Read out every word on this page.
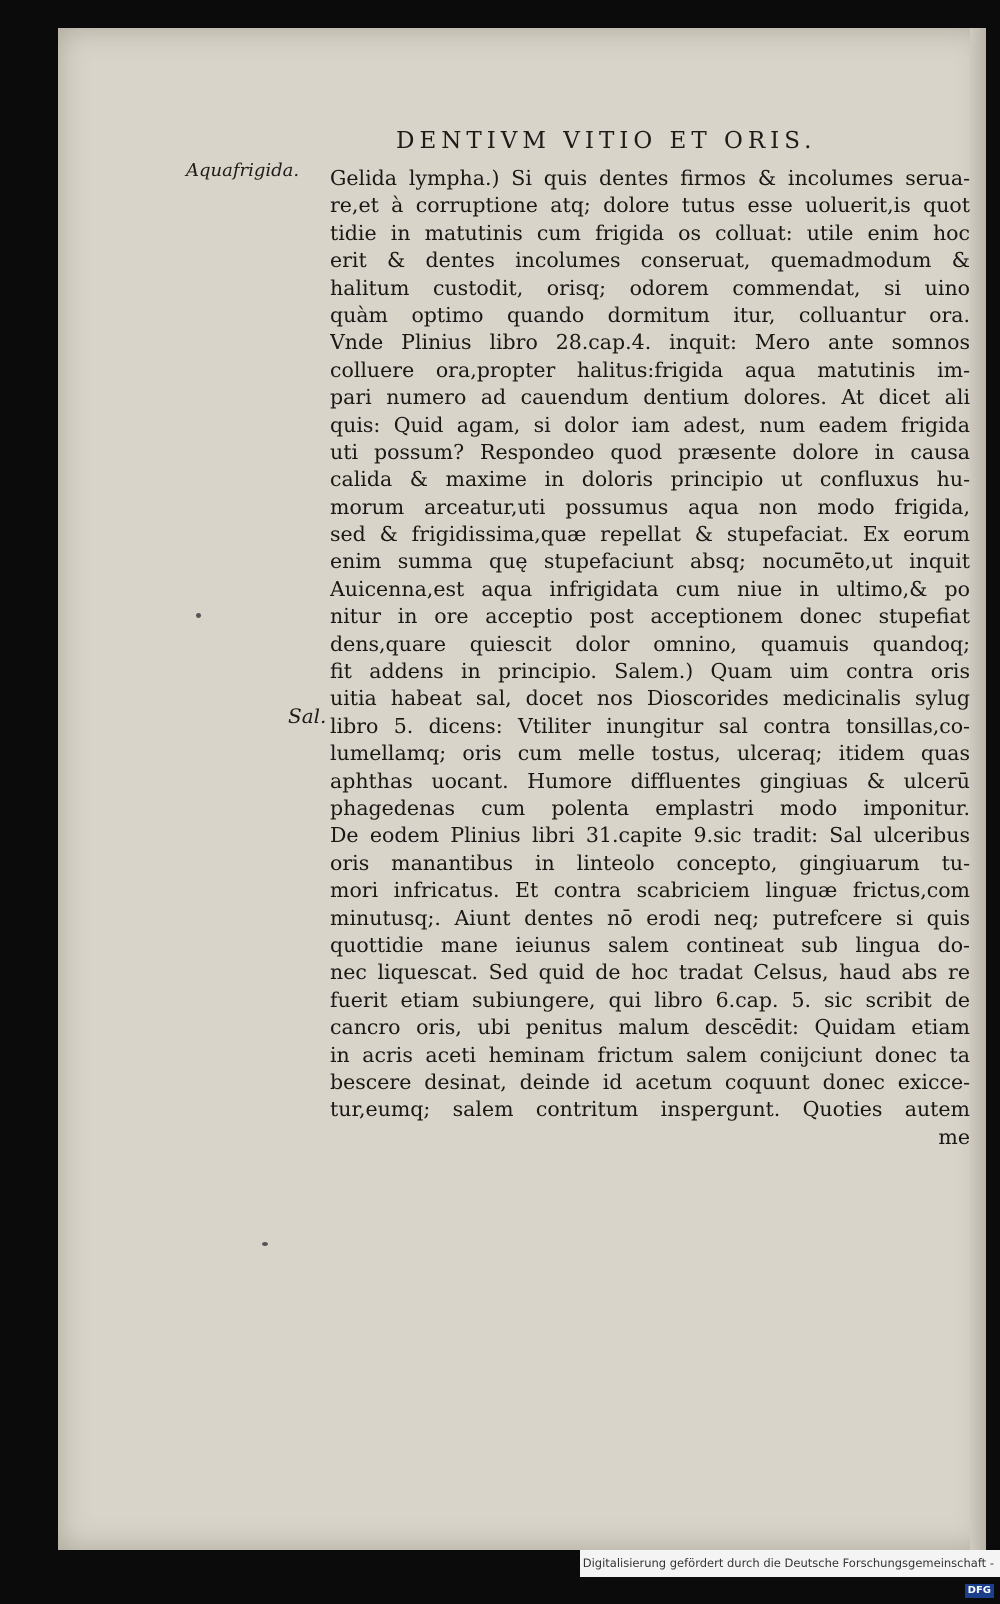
DENTIVM VITIO ET ORIS.
Aquafrigida.
Sal.
Gelida lympha.) Si quis dentes firmos & incolumes serua-
re,et à corruptione atq; dolore tutus esse uoluerit,is quot
tidie in matutinis cum frigida os colluat: utile enim hoc
erit & dentes incolumes conseruat, quemadmodum &
halitum custodit, orisq; odorem commendat, si uino
quàm optimo quando dormitum itur, colluantur ora.
Vnde Plinius libro 28.cap.4. inquit: Mero ante somnos
colluere ora,propter halitus:frigida aqua matutinis im-
pari numero ad cauendum dentium dolores. At dicet ali
quis: Quid agam, si dolor iam adest, num eadem frigida
uti possum? Respondeo quod præsente dolore in causa
calida & maxime in doloris principio ut confluxus hu-
morum arceatur,uti possumus aqua non modo frigida,
sed & frigidissima,quæ repellat & stupefaciat. Ex eorum
enim summa quę stupefaciunt absq; nocumēto,ut inquit
Auicenna,est aqua infrigidata cum niue in ultimo,& po
nitur in ore acceptio post acceptionem donec stupefiat
dens,quare quiescit dolor omnino, quamuis quandoq;
fit addens in principio. Salem.) Quam uim contra oris
uitia habeat sal, docet nos Dioscorides medicinalis sylug
libro 5. dicens: Vtiliter inungitur sal contra tonsillas,co-
lumellamq; oris cum melle tostus, ulceraq; itidem quas
aphthas uocant. Humore diffluentes gingiuas & ulcerū
phagedenas cum polenta emplastri modo imponitur.
De eodem Plinius libri 31.capite 9.sic tradit: Sal ulceribus
oris manantibus in linteolo concepto, gingiuarum tu-
mori infricatus. Et contra scabriciem linguæ frictus,com
minutusq;. Aiunt dentes nō erodi neq; putrefcere si quis
quottidie mane ieiunus salem contineat sub lingua do-
nec liquescat. Sed quid de hoc tradat Celsus, haud abs re
fuerit etiam subiungere, qui libro 6.cap. 5. sic scribit de
cancro oris, ubi penitus malum descēdit: Quidam etiam
in acris aceti heminam frictum salem conijciunt donec ta
bescere desinat, deinde id acetum coquunt donec exicce-
tur,eumq; salem contritum inspergunt. Quoties autem
me
Digitalisierung gefördert durch die Deutsche Forschungsgemeinschaft - DFG
